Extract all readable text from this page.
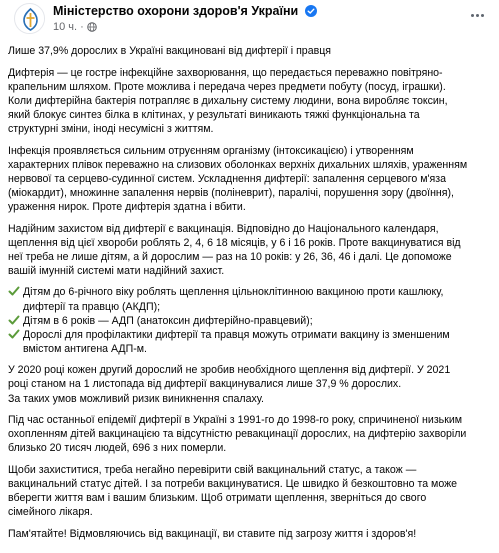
Міністерство охорони здоров'я України
10 ч. ·

Лише 37,9% дорослих в Україні вакциновані від дифтерії і правця

Дифтерія — це гостре інфекційне захворювання, що передається переважно повітряно-

крапельним шляхом. Проте можлива і передача через предмети побуту (посуд, іграшки).

Коли дифтерійна бактерія потрапляє в дихальну систему людини, вона виробляє токсин,

який блокує синтез білка в клітинах, у результаті виникають тяжкі функціональна та

структурні зміни, іноді несумісні з життям.

Інфекція проявляється сильним отруєнням організму (інтоксикацією) і утворенням

характерних плівок переважно на слизових оболонках верхніх дихальних шляхів, ураженням

нервової та серцево-судинної систем. Ускладнення дифтерії: запалення серцевого м'яза

(міокардит), множинне запалення нервів (поліневрит), паралічі, порушення зору (двоїння),

ураження нирок. Проте дифтерія здатна і вбити.

Надійним захистом від дифтерії є вакцинація. Відповідно до Національного календаря,

щеплення від цієї хвороби роблять 2, 4, 6 18 місяців, у 6 і 16 років. Проте вакцинуватися від

неї треба не лише дітям, а й дорослим — раз на 10 років: у 26, 36, 46 і далі. Це допоможе

вашій імунній системі мати надійний захист.

Дітям до 6-річного віку роблять щеплення цільноклітинною вакциною проти кашлюку,

дифтерії та правцю (АКДП);

Дітям в 6 років — АДП (анатоксин дифтерійно-правцевий);

Дорослі для профілактики дифтерії та правця можуть отримати вакцину із зменшеним

вмістом антигена АДП-м.

У 2020 році кожен другий дорослий не зробив необхідного щеплення від дифтерії. У 2021

році станом на 1 листопада від дифтерії вакцинувалися лише 37,9 % дорослих.

За таких умов можливий ризик виникнення спалаху.

Під час останньої епідемії дифтерії в Україні з 1991-го до 1998-го року, спричиненої низьким

охопленням дітей вакцинацією та відсутністю ревакцинації дорослих, на дифтерію захворіли

близько 20 тисяч людей, 696 з них померли.

Щоби захиститися, треба негайно перевірити свій вакцинальний статус, а також —

вакцинальний статус дітей. І за потреби вакцинуватися. Це швидко й безкоштовно та може

вберегти життя вам і вашим близьким. Щоб отримати щеплення, зверніться до свого

сімейного лікаря.

Пам'ятайте! Відмовляючись від вакцинації, ви ставите під загрозу життя і здоров'я!
